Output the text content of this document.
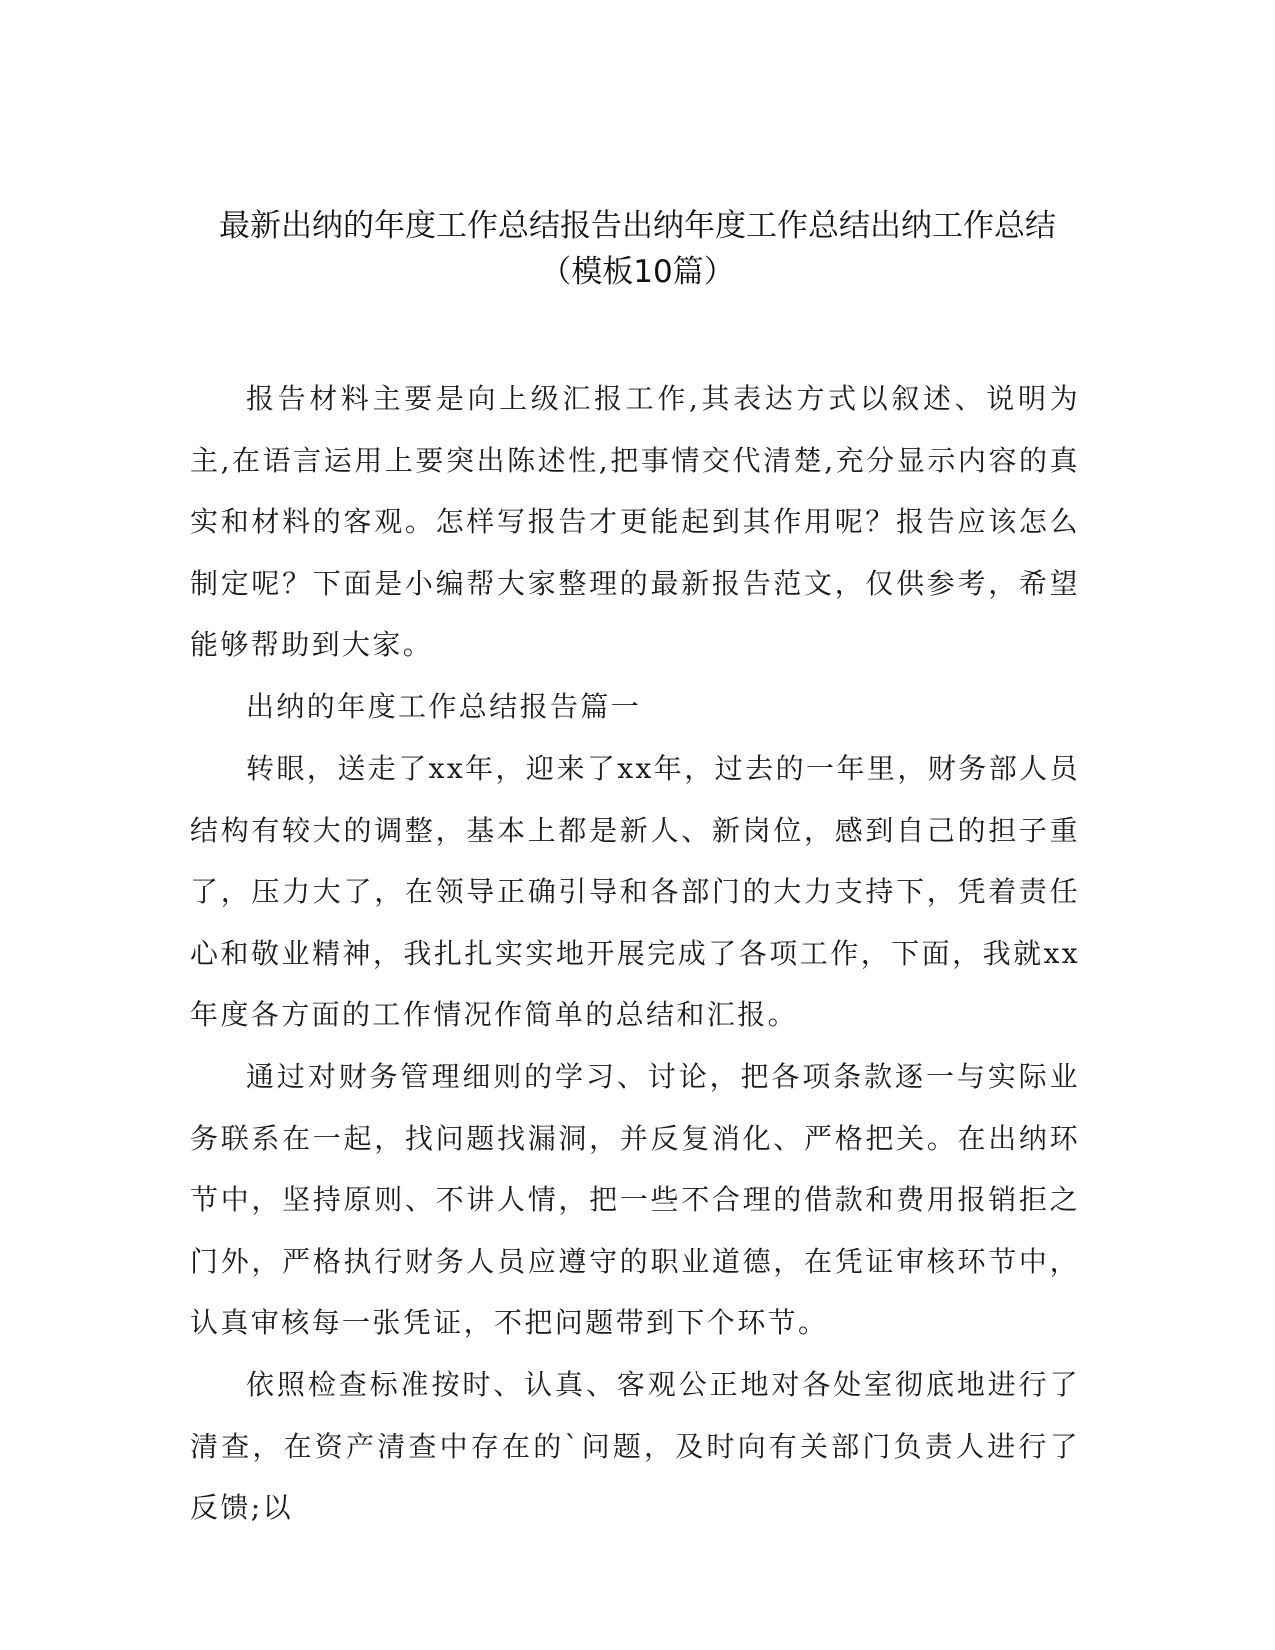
最新出纳的年度工作总结报告出纳年度工作总结出纳工作总结
（模板10篇）

报告材料主要是向上级汇报工作,其表达方式以叙述、说明为主,在语言运用上要突出陈述性,把事情交代清楚,充分显示内容的真实和材料的客观。怎样写报告才更能起到其作用呢？报告应该怎么制定呢？下面是小编帮大家整理的最新报告范文，仅供参考，希望能够帮助到大家。

出纳的年度工作总结报告篇一

转眼，送走了xx年，迎来了xx年，过去的一年里，财务部人员结构有较大的调整，基本上都是新人、新岗位，感到自己的担子重了，压力大了，在领导正确引导和各部门的大力支持下，凭着责任心和敬业精神，我扎扎实实地开展完成了各项工作，下面，我就xx年度各方面的工作情况作简单的总结和汇报。

通过对财务管理细则的学习、讨论，把各项条款逐一与实际业务联系在一起，找问题找漏洞，并反复消化、严格把关。在出纳环节中，坚持原则、不讲人情，把一些不合理的借款和费用报销拒之门外，严格执行财务人员应遵守的职业道德，在凭证审核环节中，认真审核每一张凭证，不把问题带到下个环节。

依照检查标准按时、认真、客观公正地对各处室彻底地进行了清查，在资产清查中存在的`问题，及时向有关部门负责人进行了反馈;以
